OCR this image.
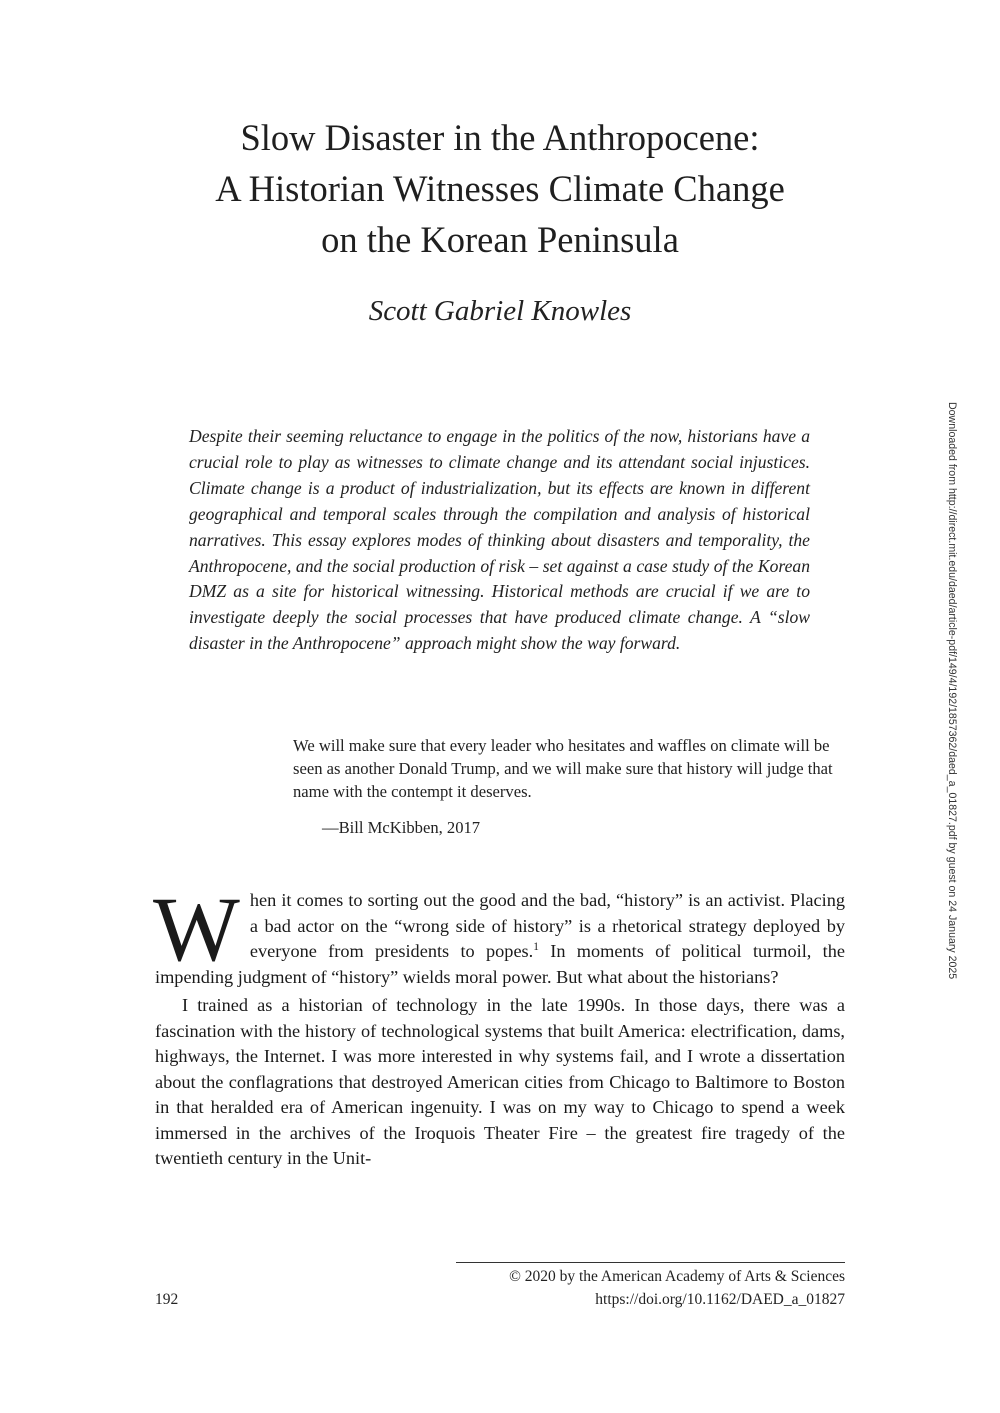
Slow Disaster in the Anthropocene:
A Historian Witnesses Climate Change
on the Korean Peninsula

Scott Gabriel Knowles

Despite their seeming reluctance to engage in the politics of the now, historians have a crucial role to play as witnesses to climate change and its attendant social injustices. Climate change is a product of industrialization, but its effects are known in different geographical and temporal scales through the compilation and analysis of historical narratives. This essay explores modes of thinking about disasters and temporality, the Anthropocene, and the social production of risk – set against a case study of the Korean DMZ as a site for historical witnessing. Historical methods are crucial if we are to investigate deeply the social processes that have produced climate change. A “slow disaster in the Anthropocene” approach might show the way forward.

We will make sure that every leader who hesitates and waffles on climate will be seen as another Donald Trump, and we will make sure that history will judge that name with the contempt it deserves.
—Bill McKibben, 2017

When it comes to sorting out the good and the bad, “history” is an activist. Placing a bad actor on the “wrong side of history” is a rhetorical strategy deployed by everyone from presidents to popes.$^1$ In moments of political turmoil, the impending judgment of “history” wields moral power. But what about the historians?

I trained as a historian of technology in the late 1990s. In those days, there was a fascination with the history of technological systems that built America: electrification, dams, highways, the Internet. I was more interested in why systems fail, and I wrote a dissertation about the conflagrations that destroyed American cities from Chicago to Baltimore to Boston in that heralded era of American ingenuity. I was on my way to Chicago to spend a week immersed in the archives of the Iroquois Theater Fire – the greatest fire tragedy of the twentieth century in the Unit-

© 2020 by the American Academy of Arts & Sciences
https://doi.org/10.1162/DAED_a_01827
192
Downloaded from http://direct.mit.edu/daed/article-pdf/149/4/192/1857362/daed_a_01827.pdf by guest on 24 January 2025
